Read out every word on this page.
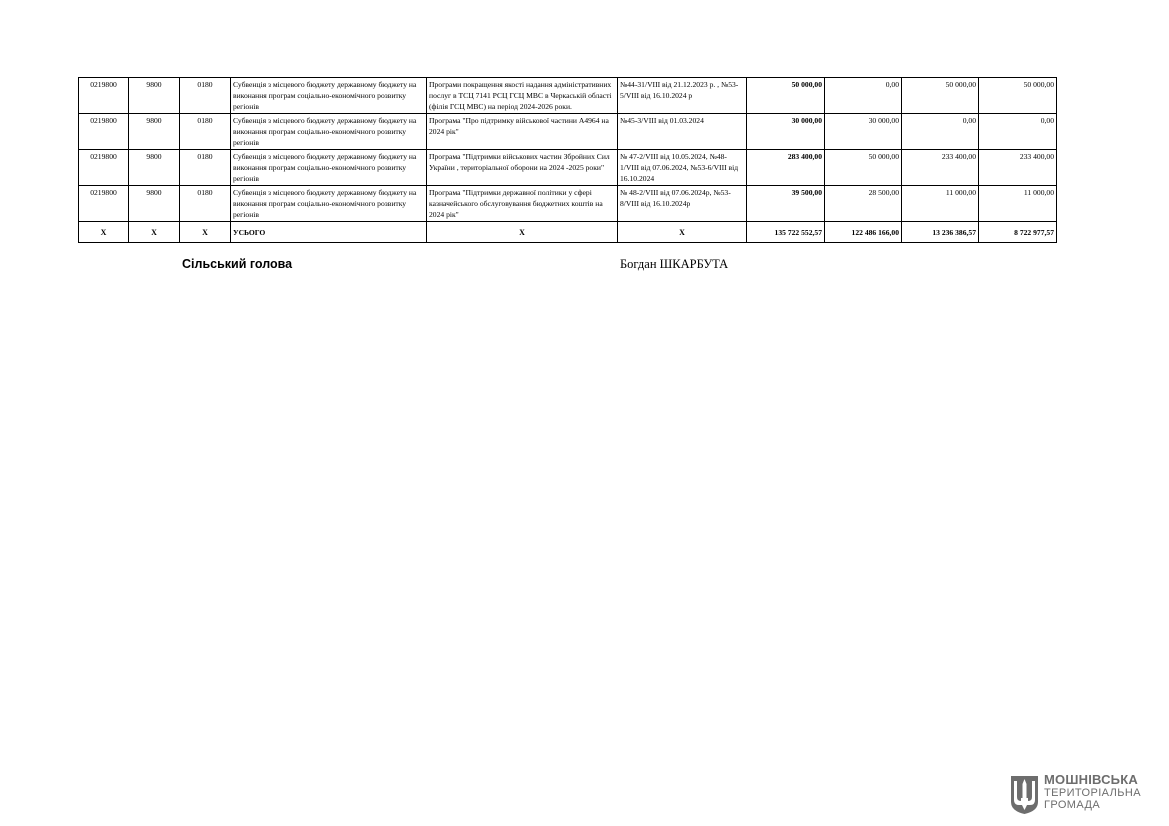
0219800	9800	0180	Субвенція з місцевого бюджету державному бюджету на виконання програм соціально-економічного розвитку регіонів	Програми покращення якості надання адміністративних послуг в ТСЦ 7141 РСЦ ГСЦ МВС в Черкаській області (філія ГСЦ МВС) на період 2024-2026 роки.	№44-31/VIII від 21.12.2023 р. , №53-5/VIII від 16.10.2024 р	50 000,00	0,00	50 000,00	50 000,00
0219800	9800	0180	Субвенція з місцевого бюджету державному бюджету на виконання програм соціально-економічного розвитку регіонів	Програма "Про підтримку військової частини А4964 на 2024 рік"	№45-3/VIII від 01.03.2024	30 000,00	30 000,00	0,00	0,00
0219800	9800	0180	Субвенція з місцевого бюджету державному бюджету на виконання програм соціально-економічного розвитку регіонів	Програма "Підтримки військових частин Збройних Сил України , територіальної оборони на 2024 -2025 роки"	№ 47-2/VIII від 10.05.2024, №48-1/VIII від 07.06.2024, №53-6/VIII від 16.10.2024	283 400,00	50 000,00	233 400,00	233 400,00
0219800	9800	0180	Субвенція з місцевого бюджету державному бюджету на виконання програм соціально-економічного розвитку регіонів	Програма "Підтримки державної політики у сфері казначейського обслуговування бюджетних коштів на 2024 рік"	№ 48-2/VIII від 07.06.2024р, №53-8/VIII від 16.10.2024р	39 500,00	28 500,00	11 000,00	11 000,00
Х	Х	Х	УСЬОГО	Х	Х	135 722 552,57	122 486 166,00	13 236 386,57	8 722 977,57
Сільський голова	Богдан ШКАРБУТА
МОШНІВСЬКА
ТЕРИТОРІАЛЬНА
ГРОМАДА
